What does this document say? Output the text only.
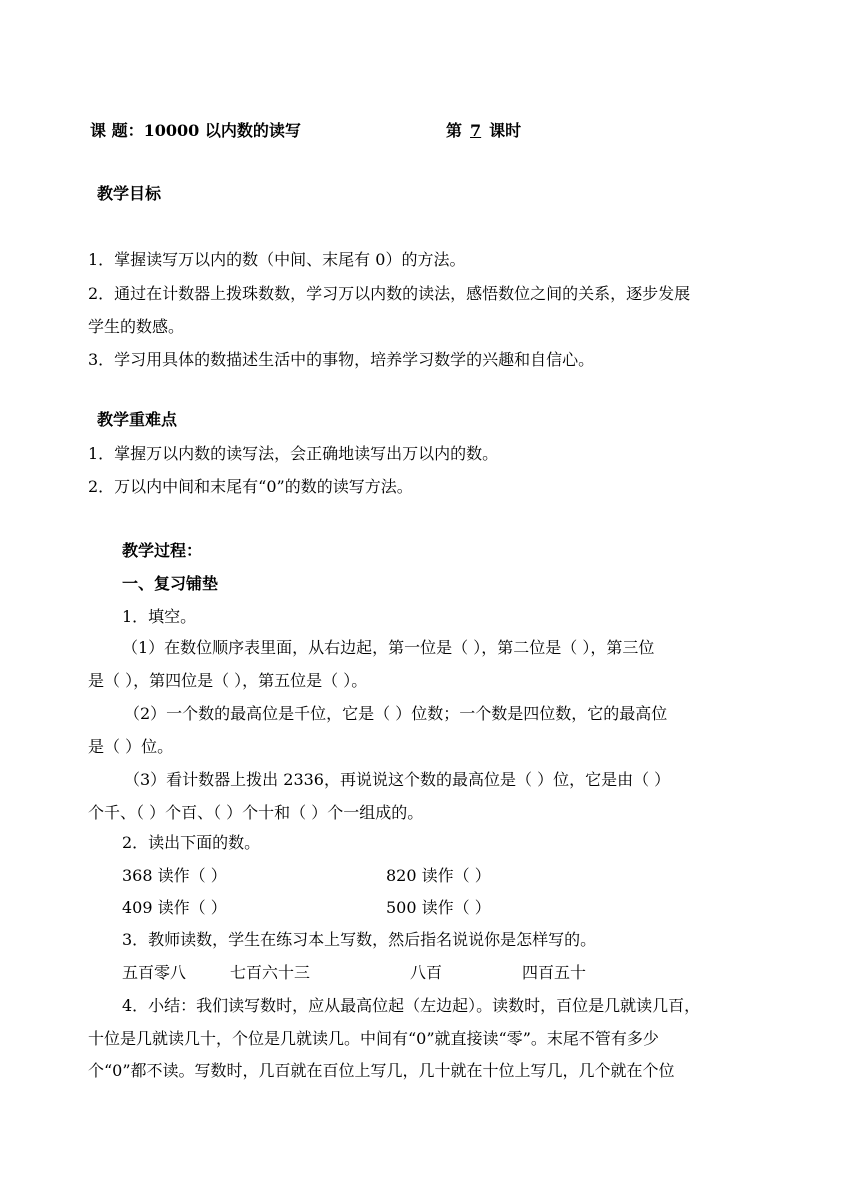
课 题：10000 以内数的读写	第 7 课时
教学目标
1．掌握读写万以内的数（中间、末尾有 0）的方法。
2．通过在计数器上拨珠数数，学习万以内数的读法，感悟数位之间的关系，逐步发展
学生的数感。
3．学习用具体的数描述生活中的事物，培养学习数学的兴趣和自信心。
教学重难点
1．掌握万以内数的读写法，会正确地读写出万以内的数。
2．万以内中间和末尾有“0”的数的读写方法。
教学过程：
一、复习铺垫
1．填空。
（1）在数位顺序表里面，从右边起，第一位是（ ），第二位是（ ），第三位
是（ ），第四位是（ ），第五位是（ ）。
（2）一个数的最高位是千位，它是（ ）位数；一个数是四位数，它的最高位
是（ ）位。
（3）看计数器上拨出 2336，再说说这个数的最高位是（ ）位，它是由（ ）
个千、（ ）个百、（ ）个十和（ ）个一组成的。
2．读出下面的数。
368 读作（ ）	820 读作（ ）
409 读作（ ）	500 读作（ ）
3．教师读数，学生在练习本上写数，然后指名说说你是怎样写的。
五百零八	七百六十三	八百	四百五十
4．小结：我们读写数时，应从最高位起（左边起）。读数时，百位是几就读几百，
十位是几就读几十，个位是几就读几。中间有“0”就直接读“零”。末尾不管有多少
个“0”都不读。写数时，几百就在百位上写几，几十就在十位上写几，几个就在个位
